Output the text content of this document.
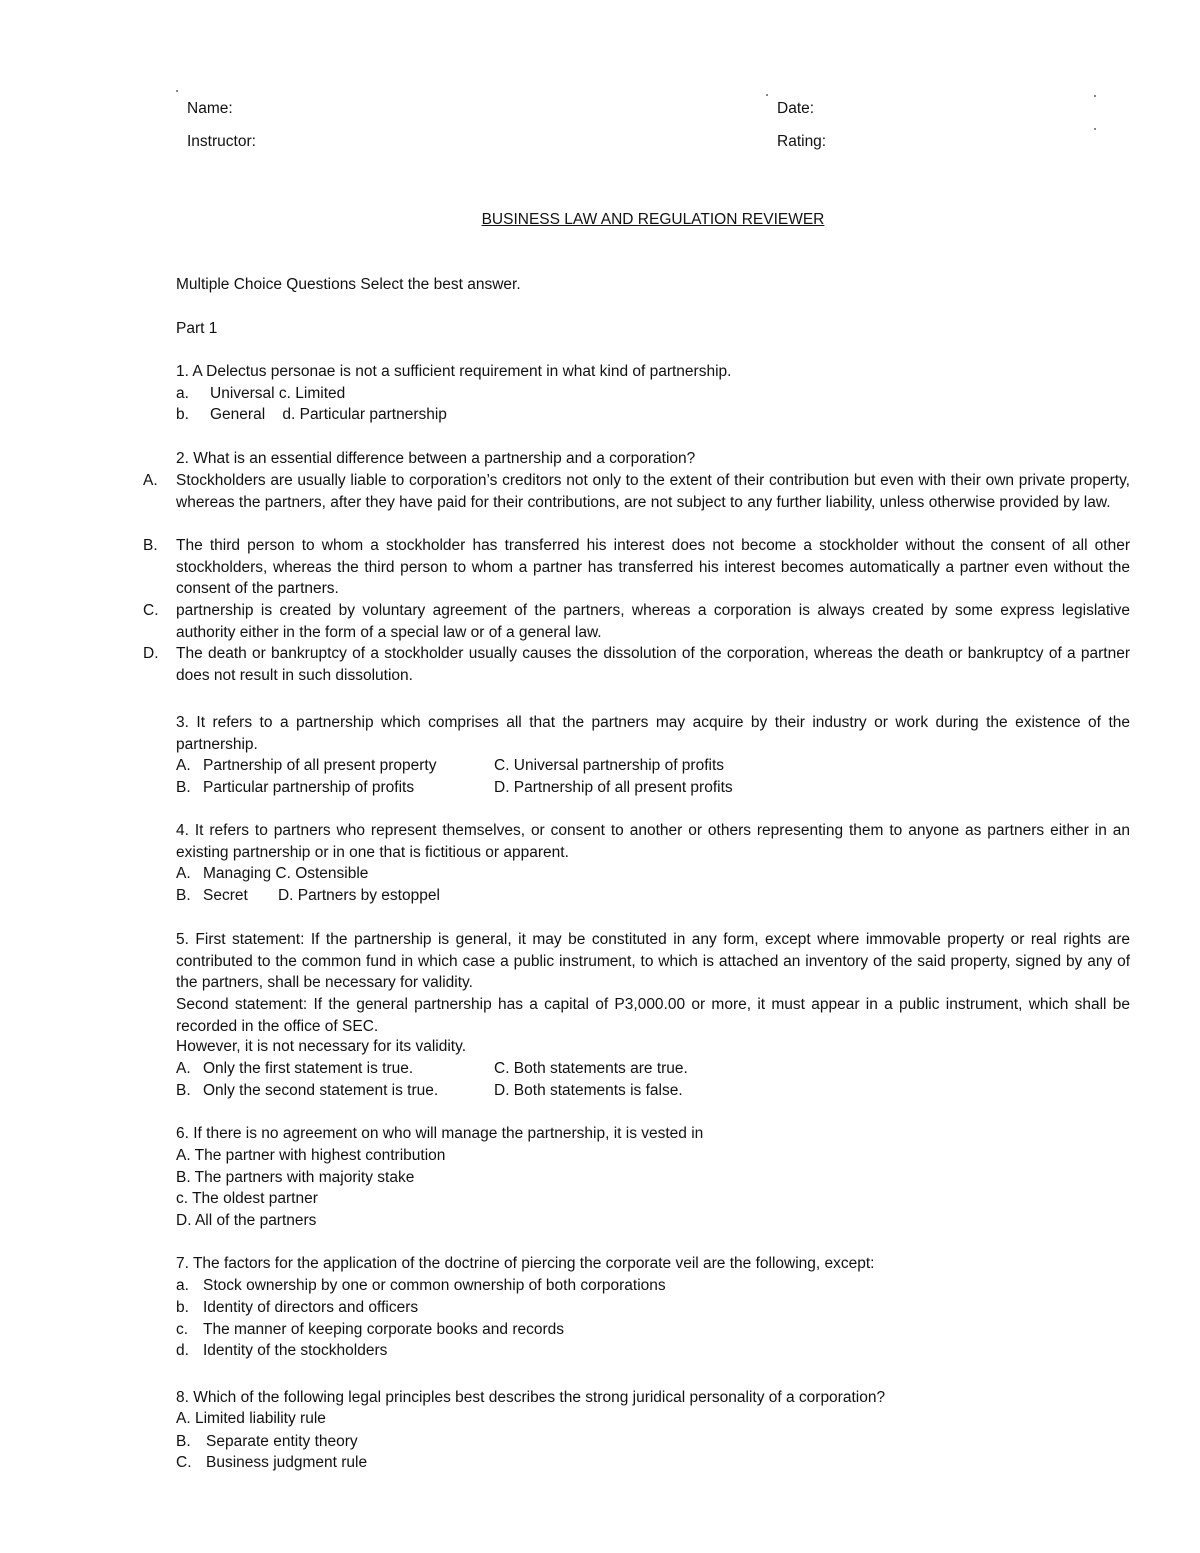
Name:	Date:
Instructor:	Rating:
BUSINESS LAW AND REGULATION REVIEWER
Multiple Choice Questions Select the best answer.
Part 1
1. A Delectus personae is not a sufficient requirement in what kind of partnership.
a. Universal c. Limited
b. General    d. Particular partnership
2. What is an essential difference between a partnership and a corporation?
A. Stockholders are usually liable to corporation’s creditors not only to the extent of their contribution but even with their own private property, whereas the partners, after they have paid for their contributions, are not subject to any further liability, unless otherwise provided by law.
B. The third person to whom a stockholder has transferred his interest does not become a stockholder without the consent of all other stockholders, whereas the third person to whom a partner has transferred his interest becomes automatically a partner even without the consent of the partners.
C. partnership is created by voluntary agreement of the partners, whereas a corporation is always created by some express legislative authority either in the form of a special law or of a general law.
D. The death or bankruptcy of a stockholder usually causes the dissolution of the corporation, whereas the death or bankruptcy of a partner does not result in such dissolution.
3. It refers to a partnership which comprises all that the partners may acquire by their industry or work during the existence of the partnership.
A. Partnership of all present property	C. Universal partnership of profits
B. Particular partnership of profits	D. Partnership of all present profits
4. It refers to partners who represent themselves, or consent to another or others representing them to anyone as partners either in an existing partnership or in one that is fictitious or apparent.
A. Managing C. Ostensible
B. Secret       D. Partners by estoppel
5. First statement: If the partnership is general, it may be constituted in any form, except where immovable property or real rights are contributed to the common fund in which case a public instrument, to which is attached an inventory of the said property, signed by any of the partners, shall be necessary for validity.
Second statement: If the general partnership has a capital of P3,000.00 or more, it must appear in a public instrument, which shall be recorded in the office of SEC.
However, it is not necessary for its validity.
A. Only the first statement is true.	C. Both statements are true.
B. Only the second statement is true.	D. Both statements is false.
6. If there is no agreement on who will manage the partnership, it is vested in
A. The partner with highest contribution
B. The partners with majority stake
c. The oldest partner
D. All of the partners
7. The factors for the application of the doctrine of piercing the corporate veil are the following, except:
a. Stock ownership by one or common ownership of both corporations
b. Identity of directors and officers
c. The manner of keeping corporate books and records
d. Identity of the stockholders
8. Which of the following legal principles best describes the strong juridical personality of a corporation?
A. Limited liability rule
B. Separate entity theory
C. Business judgment rule
